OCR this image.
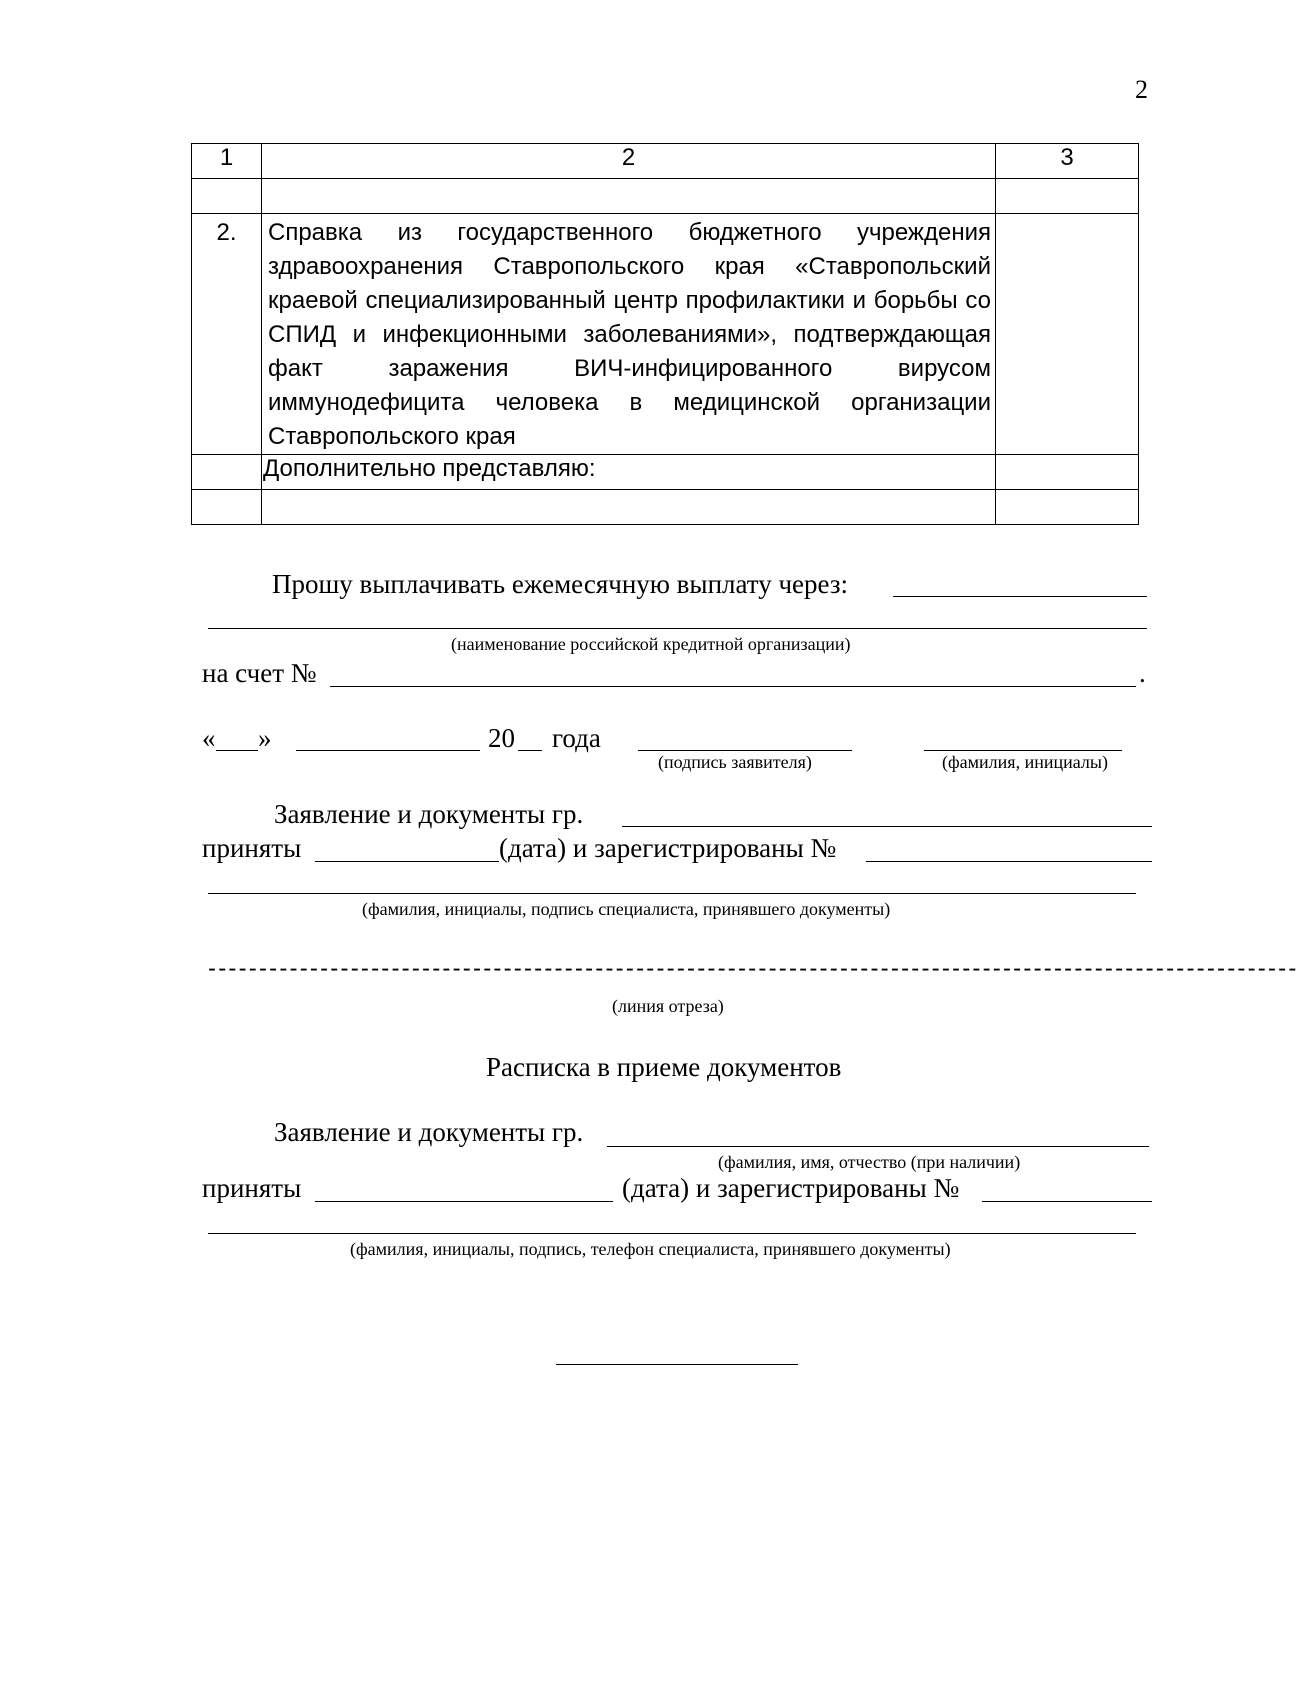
2
1	2	3

2.	Справка из государственного бюджетного учреждения здравоохранения Ставропольского края «Ставропольский краевой специализированный центр профилактики и борьбы со СПИД и инфекционными заболеваниями», подтверждающая факт заражения ВИЧ-инфицированного вирусом иммунодефицита человека в медицинской организации Ставропольского края	
	Дополнительно представляю:	

Прошу выплачивать ежемесячную выплату через:
(наименование российской кредитной организации)
на счет №	.
« »	20 года
(подпись заявителя)	(фамилия, инициалы)
Заявление и документы гр.
приняты	(дата) и зарегистрированы №
(фамилия, инициалы, подпись специалиста, принявшего документы)
-----------------------------------------------------------------------------------------------------------
(линия отреза)
Расписка в приеме документов
Заявление и документы гр.
(фамилия, имя, отчество (при наличии)
приняты	(дата) и зарегистрированы №
(фамилия, инициалы, подпись, телефон специалиста, принявшего документы)
